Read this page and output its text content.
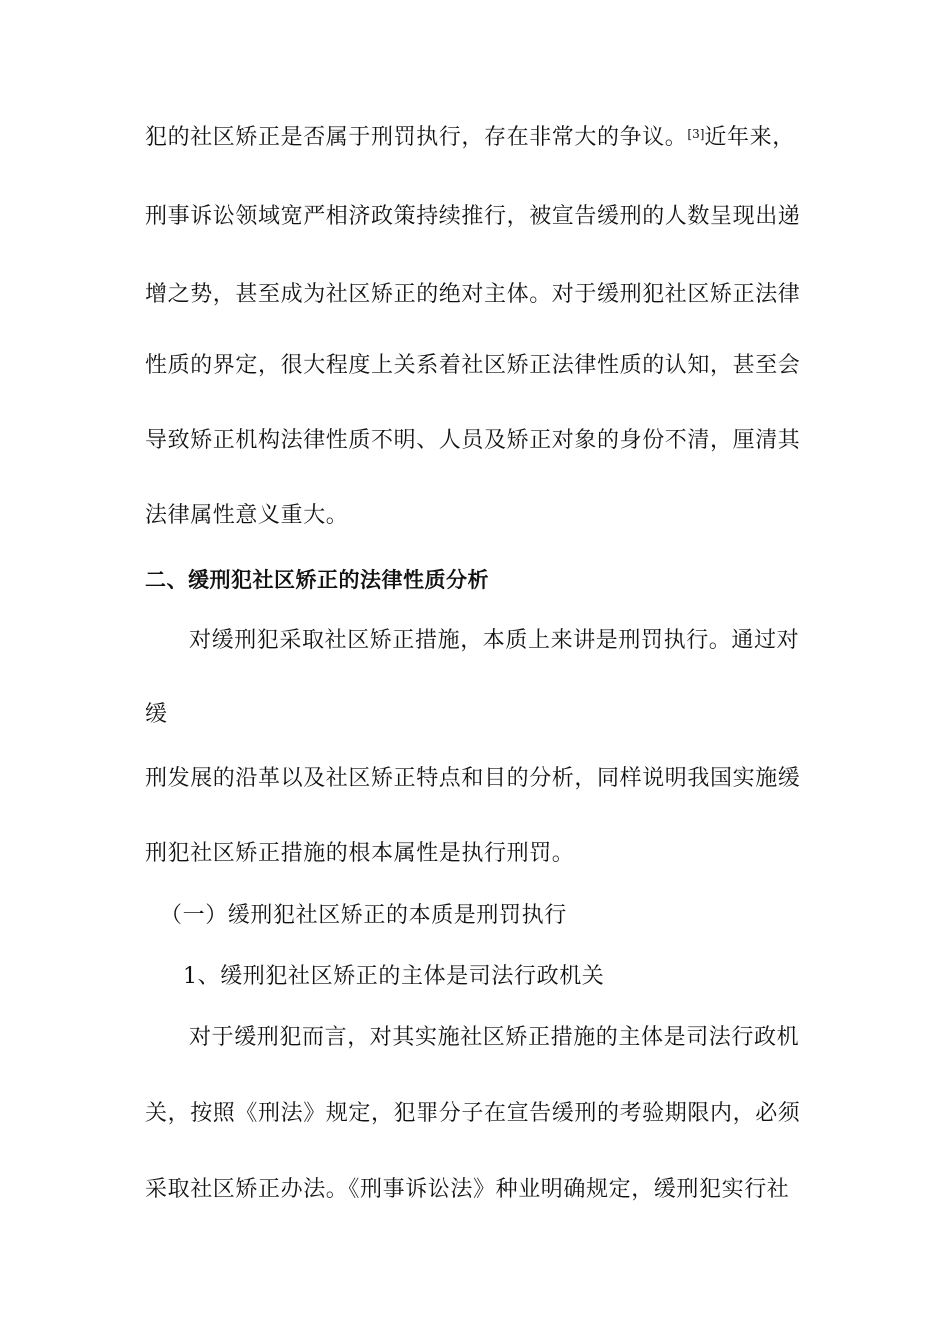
犯的社区矫正是否属于刑罚执行，存在非常大的争议。[3]近年来，
刑事诉讼领域宽严相济政策持续推行，被宣告缓刑的人数呈现出递
增之势，甚至成为社区矫正的绝对主体。对于缓刑犯社区矫正法律
性质的界定，很大程度上关系着社区矫正法律性质的认知，甚至会
导致矫正机构法律性质不明、人员及矫正对象的身份不清，厘清其
法律属性意义重大。
二、缓刑犯社区矫正的法律性质分析
对缓刑犯采取社区矫正措施，本质上来讲是刑罚执行。通过对
缓
刑发展的沿革以及社区矫正特点和目的分析，同样说明我国实施缓
刑犯社区矫正措施的根本属性是执行刑罚。
（一）缓刑犯社区矫正的本质是刑罚执行
1、缓刑犯社区矫正的主体是司法行政机关
对于缓刑犯而言，对其实施社区矫正措施的主体是司法行政机
关，按照《刑法》规定，犯罪分子在宣告缓刑的考验期限内，必须
采取社区矫正办法。《刑事诉讼法》种业明确规定，缓刑犯实行社
